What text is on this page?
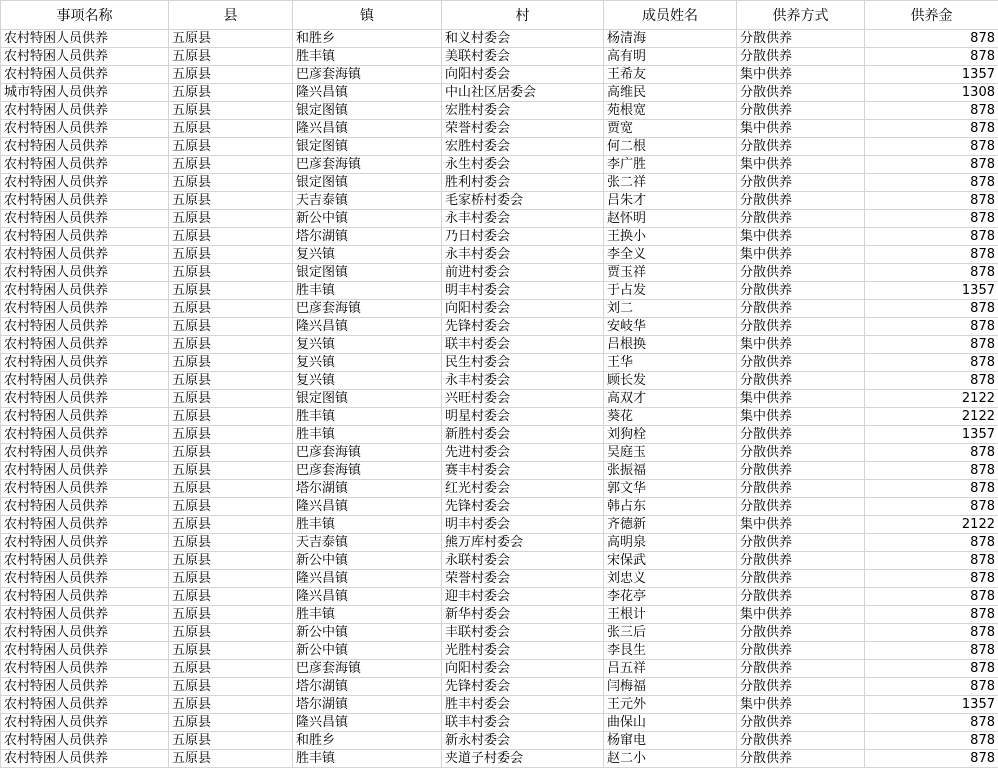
事项名称	县	镇	村	成员姓名	供养方式	供养金
农村特困人员供养	五原县	和胜乡	和义村委会	杨清海	分散供养	878
农村特困人员供养	五原县	胜丰镇	美联村委会	高有明	分散供养	878
农村特困人员供养	五原县	巴彦套海镇	向阳村委会	王希友	集中供养	1357
城市特困人员供养	五原县	隆兴昌镇	中山社区居委会	高维民	分散供养	1308
农村特困人员供养	五原县	银定图镇	宏胜村委会	苑根宽	分散供养	878
农村特困人员供养	五原县	隆兴昌镇	荣誉村委会	贾宽	集中供养	878
农村特困人员供养	五原县	银定图镇	宏胜村委会	何二根	分散供养	878
农村特困人员供养	五原县	巴彦套海镇	永生村委会	李广胜	集中供养	878
农村特困人员供养	五原县	银定图镇	胜利村委会	张二祥	分散供养	878
农村特困人员供养	五原县	天吉泰镇	毛家桥村委会	吕朱才	分散供养	878
农村特困人员供养	五原县	新公中镇	永丰村委会	赵怀明	分散供养	878
农村特困人员供养	五原县	塔尔湖镇	乃日村委会	王换小	集中供养	878
农村特困人员供养	五原县	复兴镇	永丰村委会	李全义	集中供养	878
农村特困人员供养	五原县	银定图镇	前进村委会	贾玉祥	分散供养	878
农村特困人员供养	五原县	胜丰镇	明丰村委会	于占发	分散供养	1357
农村特困人员供养	五原县	巴彦套海镇	向阳村委会	刘二	分散供养	878
农村特困人员供养	五原县	隆兴昌镇	先锋村委会	安岐华	分散供养	878
农村特困人员供养	五原县	复兴镇	联丰村委会	吕根换	集中供养	878
农村特困人员供养	五原县	复兴镇	民生村委会	王华	分散供养	878
农村特困人员供养	五原县	复兴镇	永丰村委会	顾长发	分散供养	878
农村特困人员供养	五原县	银定图镇	兴旺村委会	高双才	集中供养	2122
农村特困人员供养	五原县	胜丰镇	明星村委会	葵花	集中供养	2122
农村特困人员供养	五原县	胜丰镇	新胜村委会	刘狗栓	分散供养	1357
农村特困人员供养	五原县	巴彦套海镇	先进村委会	吴庭玉	分散供养	878
农村特困人员供养	五原县	巴彦套海镇	赛丰村委会	张振福	分散供养	878
农村特困人员供养	五原县	塔尔湖镇	红光村委会	郭文华	分散供养	878
农村特困人员供养	五原县	隆兴昌镇	先锋村委会	韩占东	分散供养	878
农村特困人员供养	五原县	胜丰镇	明丰村委会	齐德新	集中供养	2122
农村特困人员供养	五原县	天吉泰镇	熊万库村委会	高明泉	分散供养	878
农村特困人员供养	五原县	新公中镇	永联村委会	宋保武	分散供养	878
农村特困人员供养	五原县	隆兴昌镇	荣誉村委会	刘忠义	分散供养	878
农村特困人员供养	五原县	隆兴昌镇	迎丰村委会	李花亭	分散供养	878
农村特困人员供养	五原县	胜丰镇	新华村委会	王根计	集中供养	878
农村特困人员供养	五原县	新公中镇	丰联村委会	张三后	分散供养	878
农村特困人员供养	五原县	新公中镇	光胜村委会	李艮生	分散供养	878
农村特困人员供养	五原县	巴彦套海镇	向阳村委会	吕五祥	分散供养	878
农村特困人员供养	五原县	塔尔湖镇	先锋村委会	闫梅福	分散供养	878
农村特困人员供养	五原县	塔尔湖镇	胜丰村委会	王元外	集中供养	1357
农村特困人员供养	五原县	隆兴昌镇	联丰村委会	曲保山	分散供养	878
农村特困人员供养	五原县	和胜乡	新永村委会	杨窜电	分散供养	878
农村特困人员供养	五原县	胜丰镇	夹道子村委会	赵二小	分散供养	878
